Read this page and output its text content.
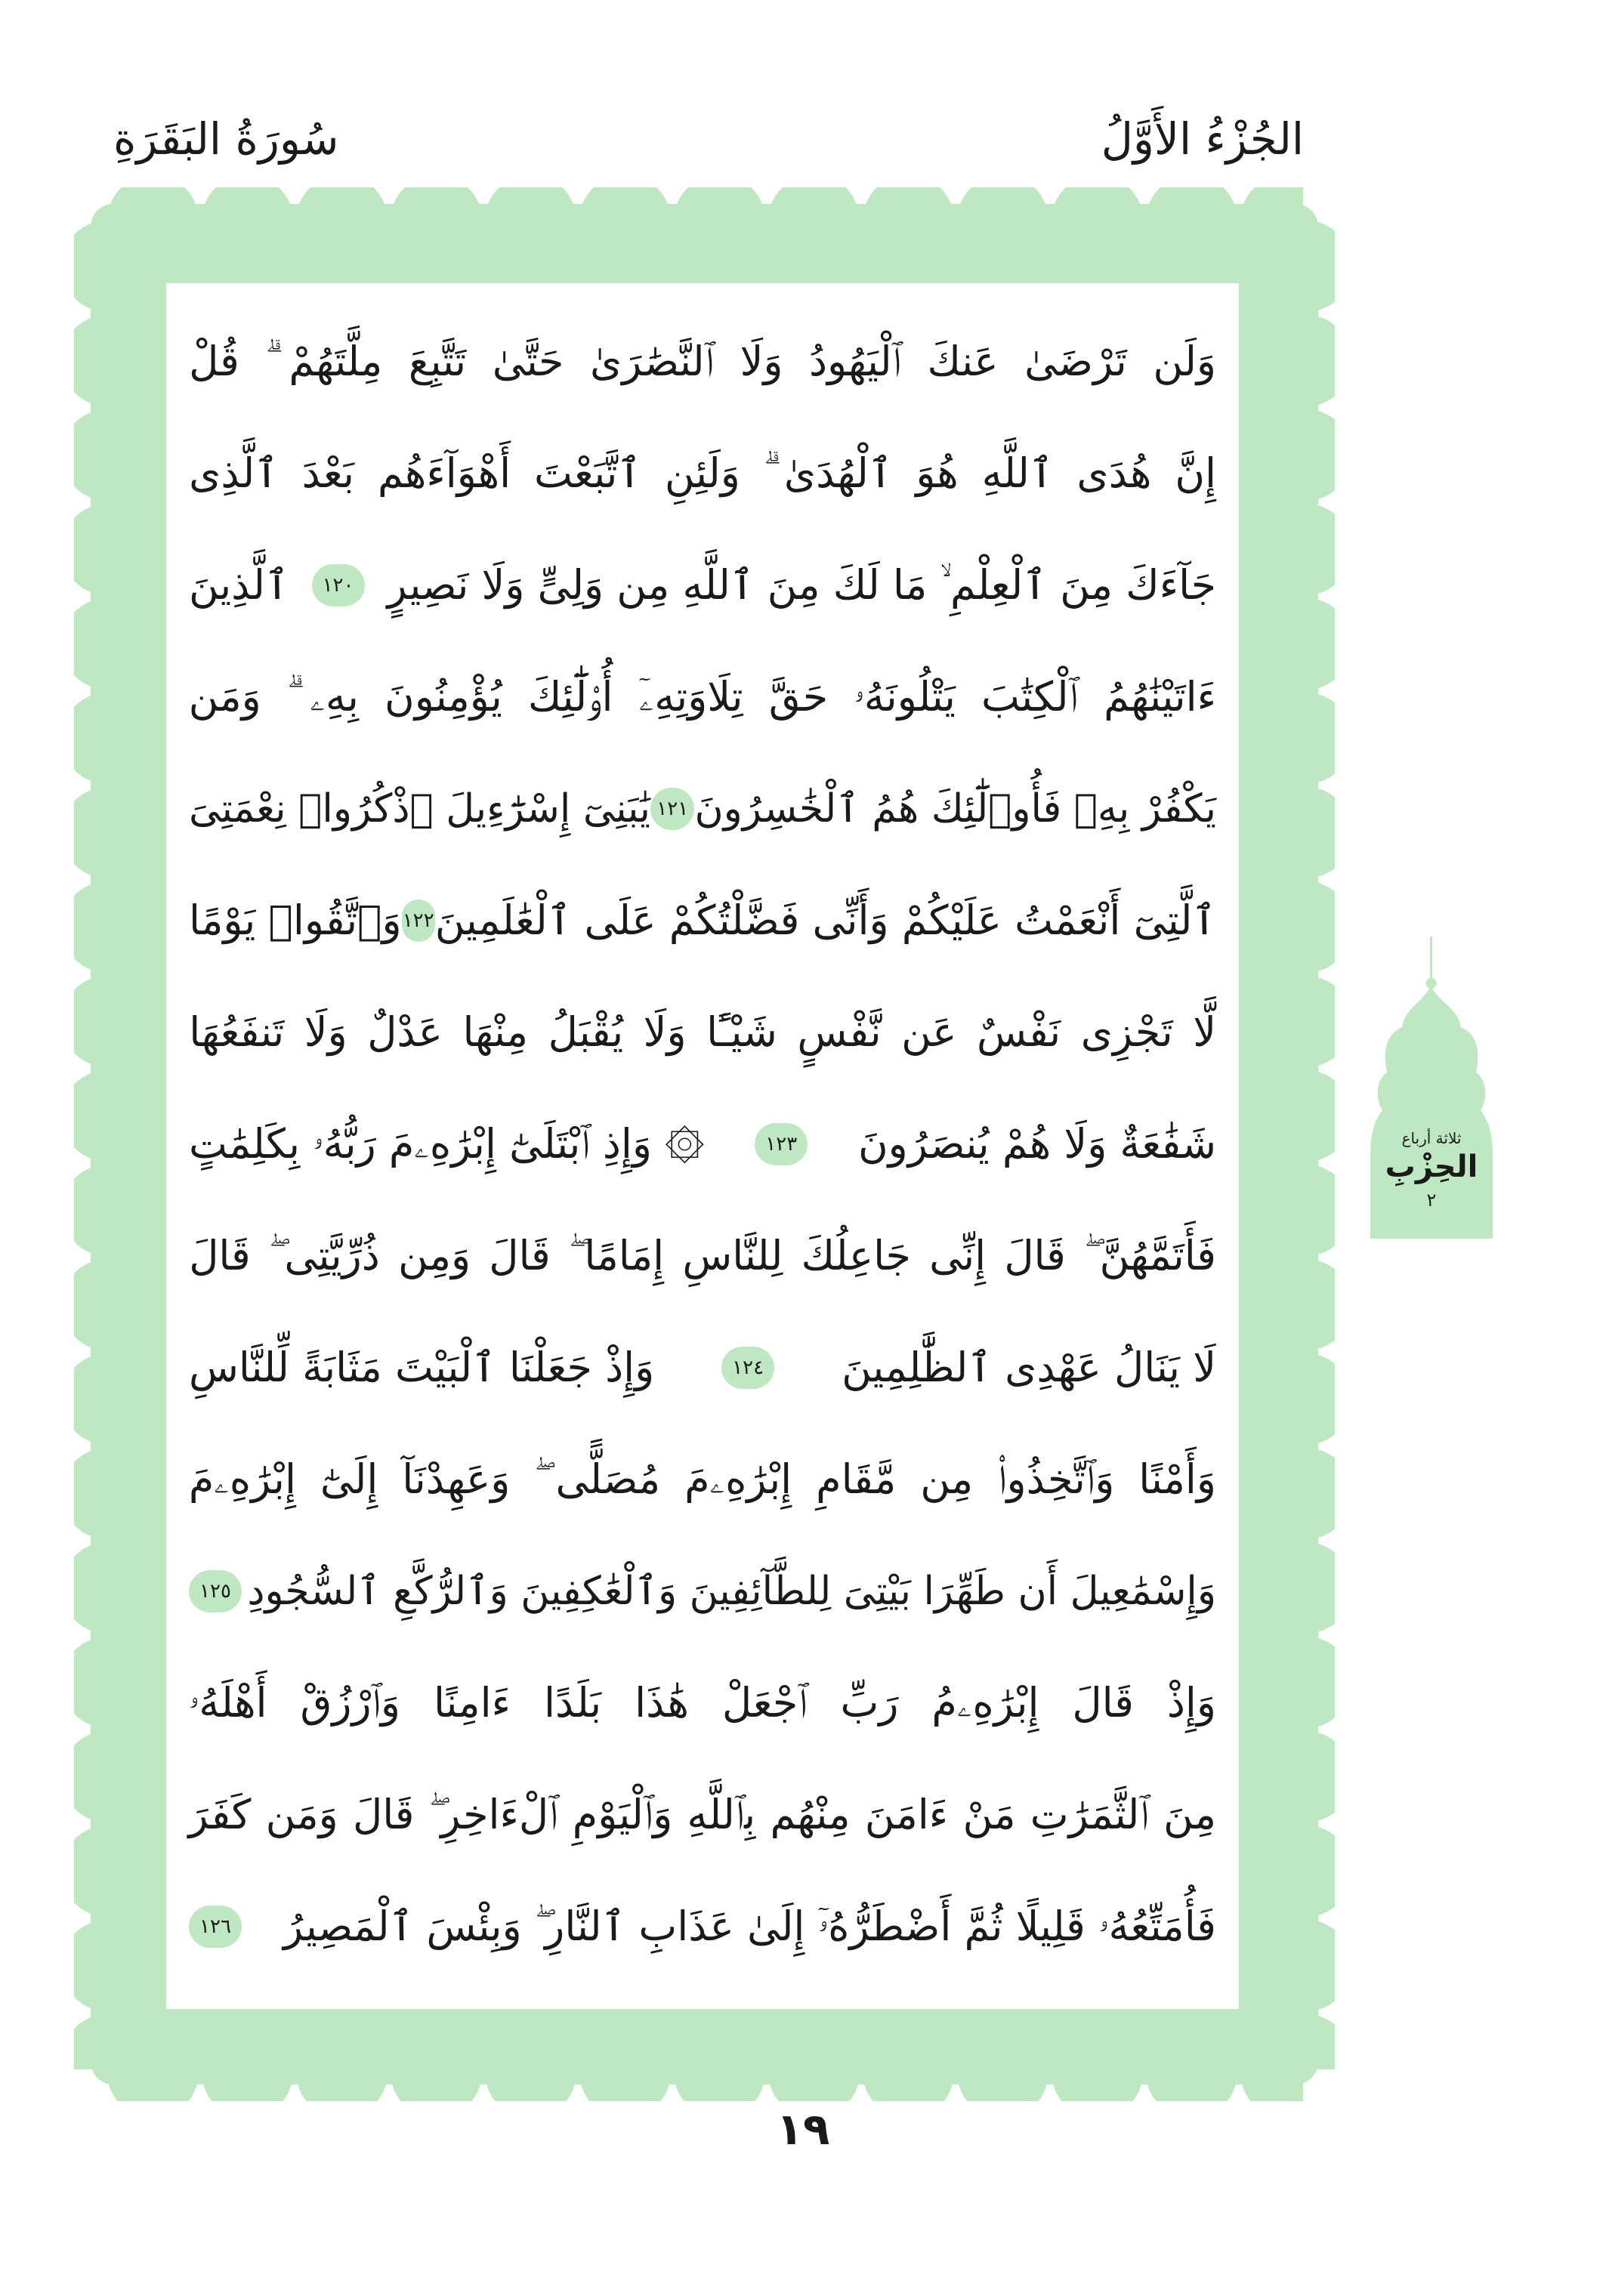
الجُزْءُ الأَوَّلُ
سُورَةُ البَقَرَةِ
وَلَن تَرْضَىٰ عَنكَ ٱلْيَهُودُ وَلَا ٱلنَّصَٰرَىٰ حَتَّىٰ تَتَّبِعَ مِلَّتَهُمْ ۗ قُلْ
إِنَّ هُدَى ٱللَّهِ هُوَ ٱلْهُدَىٰ ۗ وَلَئِنِ ٱتَّبَعْتَ أَهْوَآءَهُم بَعْدَ ٱلَّذِى
جَآءَكَ مِنَ ٱلْعِلْمِ ۙ مَا لَكَ مِنَ ٱللَّهِ مِن وَلِىٍّ وَلَا نَصِيرٍ
١٢٠
ٱلَّذِينَ
ءَاتَيْنَٰهُمُ ٱلْكِتَٰبَ يَتْلُونَهُۥ حَقَّ تِلَاوَتِهِۦٓ أُو۟لَٰٓئِكَ يُؤْمِنُونَ بِهِۦ ۗ وَمَن
يَكْفُرْ بِهِۦ فَأُو۟لَٰٓئِكَ هُمُ ٱلْخَٰسِرُونَ
١٢١
يَٰبَنِىٓ إِسْرَٰٓءِيلَ ٱذْكُرُوا۟ نِعْمَتِىَ
ٱلَّتِىٓ أَنْعَمْتُ عَلَيْكُمْ وَأَنِّى فَضَّلْتُكُمْ عَلَى ٱلْعَٰلَمِينَ
١٢٢
وَٱتَّقُوا۟ يَوْمًا
لَّا تَجْزِى نَفْسٌ عَن نَّفْسٍ شَيْـًٔا وَلَا يُقْبَلُ مِنْهَا عَدْلٌ وَلَا تَنفَعُهَا
شَفَٰعَةٌ وَلَا هُمْ يُنصَرُونَ
١٢٣
۞ وَإِذِ ٱبْتَلَىٰٓ إِبْرَٰهِۦمَ رَبُّهُۥ بِكَلِمَٰتٍ
فَأَتَمَّهُنَّ ۖ قَالَ إِنِّى جَاعِلُكَ لِلنَّاسِ إِمَامًا ۖ قَالَ وَمِن ذُرِّيَّتِى ۖ قَالَ
لَا يَنَالُ عَهْدِى ٱلظَّٰلِمِينَ
١٢٤
وَإِذْ جَعَلْنَا ٱلْبَيْتَ مَثَابَةً لِّلنَّاسِ
وَأَمْنًا وَٱتَّخِذُوا۟ مِن مَّقَامِ إِبْرَٰهِۦمَ مُصَلًّى ۖ وَعَهِدْنَآ إِلَىٰٓ إِبْرَٰهِۦمَ
وَإِسْمَٰعِيلَ أَن طَهِّرَا بَيْتِىَ لِلطَّآئِفِينَ وَٱلْعَٰكِفِينَ وَٱلرُّكَّعِ ٱلسُّجُودِ
١٢٥
وَإِذْ قَالَ إِبْرَٰهِۦمُ رَبِّ ٱجْعَلْ هَٰذَا بَلَدًا ءَامِنًا وَٱرْزُقْ أَهْلَهُۥ
مِنَ ٱلثَّمَرَٰتِ مَنْ ءَامَنَ مِنْهُم بِٱللَّهِ وَٱلْيَوْمِ ٱلْءَاخِرِ ۖ قَالَ وَمَن كَفَرَ
فَأُمَتِّعُهُۥ قَلِيلًا ثُمَّ أَضْطَرُّهُۥٓ إِلَىٰ عَذَابِ ٱلنَّارِ ۖ وَبِئْسَ ٱلْمَصِيرُ
١٢٦
ثلاثة أرباع
الحِزْبِ
٢
١٩
